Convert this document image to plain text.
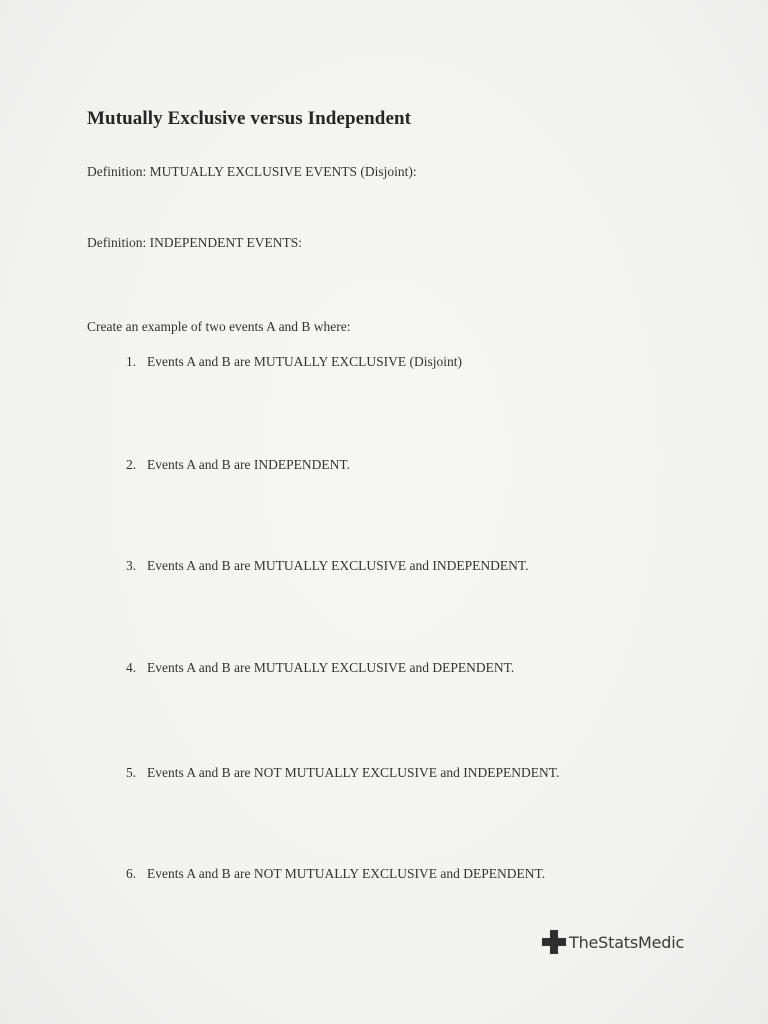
Mutually Exclusive versus Independent
Definition: MUTUALLY EXCLUSIVE EVENTS (Disjoint):
Definition: INDEPENDENT EVENTS:
Create an example of two events A and B where:
1. Events A and B are MUTUALLY EXCLUSIVE (Disjoint)
2. Events A and B are INDEPENDENT.
3. Events A and B are MUTUALLY EXCLUSIVE and INDEPENDENT.
4. Events A and B are MUTUALLY EXCLUSIVE and DEPENDENT.
5. Events A and B are NOT MUTUALLY EXCLUSIVE and INDEPENDENT.
6. Events A and B are NOT MUTUALLY EXCLUSIVE and DEPENDENT.
TheStatsMedic
